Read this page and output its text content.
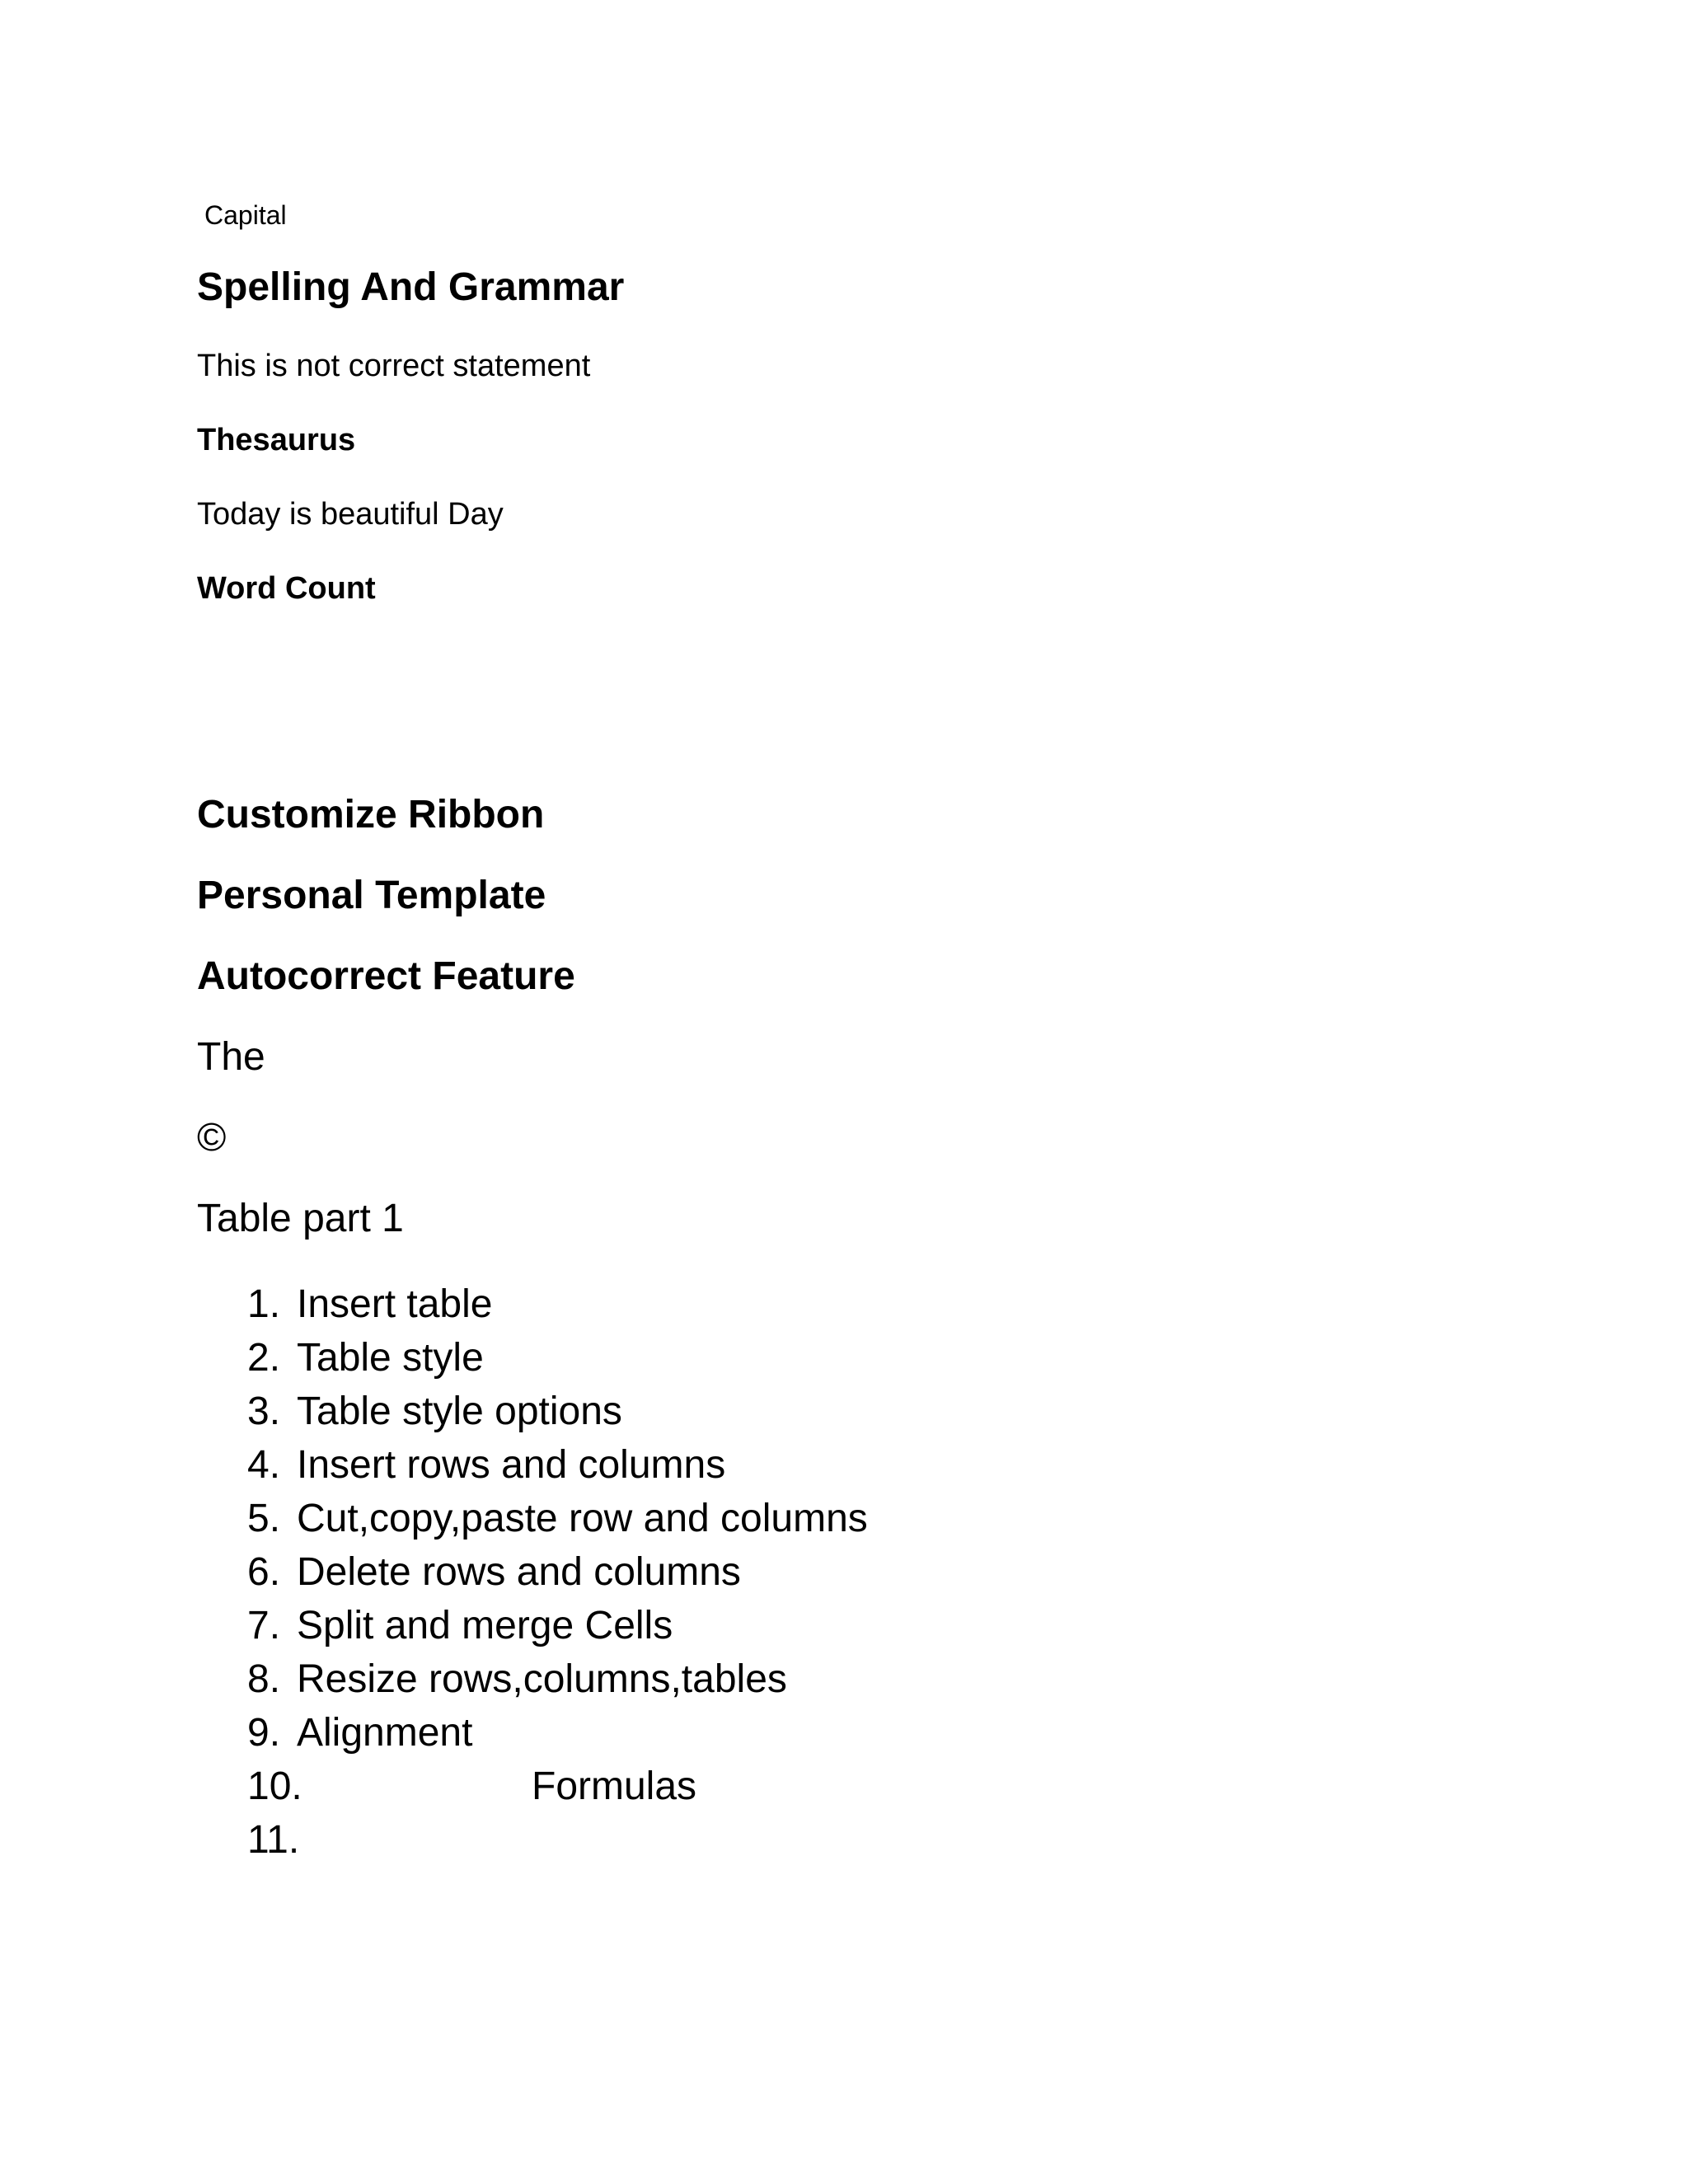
Capital
Spelling And Grammar
This is not correct statement
Thesaurus
Today is beautiful Day
Word Count
Customize Ribbon
Personal Template
Autocorrect Feature
The
©
Table part 1
1. Insert table
2. Table style
3. Table style options
4. Insert rows and columns
5. Cut,copy,paste row and columns
6. Delete rows and columns
7. Split and merge Cells
8. Resize rows,columns,tables
9. Alignment
10.	Formulas
11.
